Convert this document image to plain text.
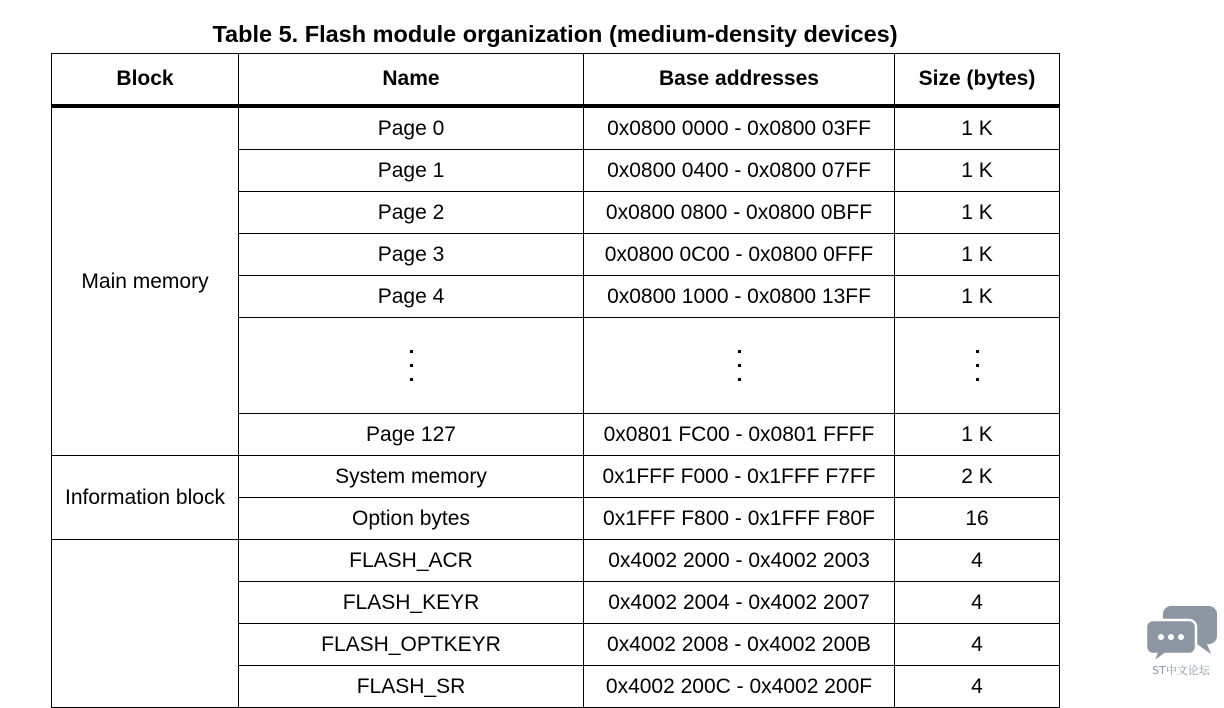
Table 5. Flash module organization (medium-density devices)
Block	Name	Base addresses	Size (bytes)
Main memory	Page 0	0x0800 0000 - 0x0800 03FF	1 K
	Page 1	0x0800 0400 - 0x0800 07FF	1 K
	Page 2	0x0800 0800 - 0x0800 0BFF	1 K
	Page 3	0x0800 0C00 - 0x0800 0FFF	1 K
	Page 4	0x0800 1000 - 0x0800 13FF	1 K

	Page 127	0x0801 FC00 - 0x0801 FFFF	1 K
Information block	System memory	0x1FFF F000 - 0x1FFF F7FF	2 K
	Option bytes	0x1FFF F800 - 0x1FFF F80F	16
	FLASH_ACR	0x4002 2000 - 0x4002 2003	4
	FLASH_KEYR	0x4002 2004 - 0x4002 2007	4
	FLASH_OPTKEYR	0x4002 2008 - 0x4002 200B	4
	FLASH_SR	0x4002 200C - 0x4002 200F	4
ST中文论坛
